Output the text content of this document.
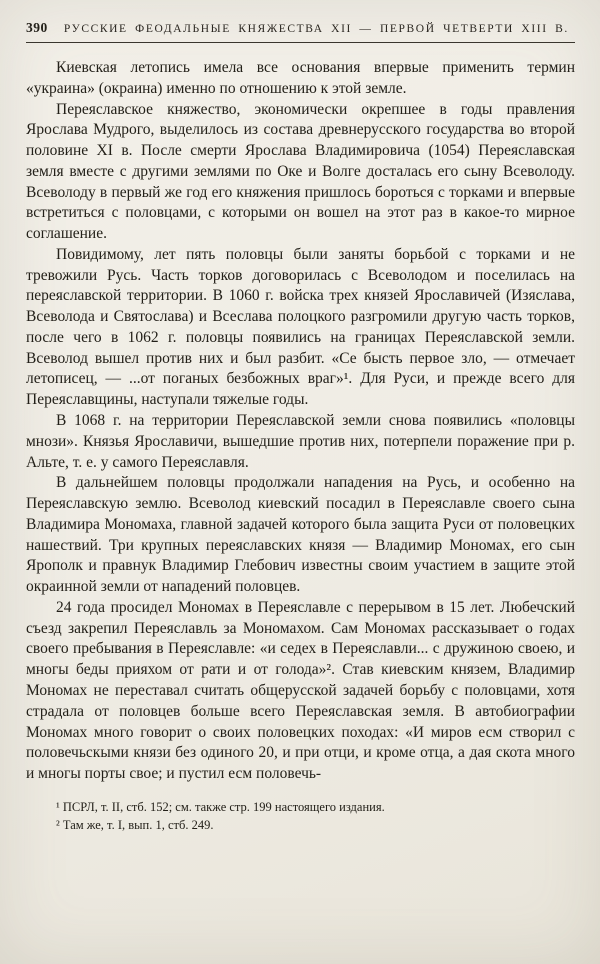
390	РУССКИЕ ФЕОДАЛЬНЫЕ КНЯЖЕСТВА XII — ПЕРВОЙ ЧЕТВЕРТИ XIII В.

Киевская летопись имела все основания впервые применить термин «украина» (окраина) именно по отношению к этой земле.

Переяславское княжество, экономически окрепшее в годы правления Ярослава Мудрого, выделилось из состава древнерусского государства во второй половине XI в. После смерти Ярослава Владимировича (1054) Переяславская земля вместе с другими землями по Оке и Волге досталась его сыну Всеволоду. Всеволоду в первый же год его княжения пришлось бороться с торками и впервые встретиться с половцами, с которыми он вошел на этот раз в какое-то мирное соглашение.

Повидимому, лет пять половцы были заняты борьбой с торками и не тревожили Русь. Часть торков договорилась с Всеволодом и поселилась на переяславской территории. В 1060 г. войска трех князей Ярославичей (Изяслава, Всеволода и Святослава) и Всеслава полоцкого разгромили другую часть торков, после чего в 1062 г. половцы появились на границах Переяславской земли. Всеволод вышел против них и был разбит. «Се бысть первое зло, — отмечает летописец, — ...от поганых безбожных враг»¹. Для Руси, и прежде всего для Переяславщины, наступали тяжелые годы.

В 1068 г. на территории Переяславской земли снова появились «половцы мнози». Князья Ярославичи, вышедшие против них, потерпели поражение при р. Альте, т. е. у самого Переяславля.

В дальнейшем половцы продолжали нападения на Русь, и особенно на Переяславскую землю. Всеволод киевский посадил в Переяславле своего сына Владимира Мономаха, главной задачей которого была защита Руси от половецких нашествий. Три крупных переяславских князя — Владимир Мономах, его сын Ярополк и правнук Владимир Глебович известны своим участием в защите этой окраинной земли от нападений половцев.

24 года просидел Мономах в Переяславле с перерывом в 15 лет. Любечский съезд закрепил Переяславль за Мономахом. Сам Мономах рассказывает о годах своего пребывания в Переяславле: «и седех в Переяславли... с дружиною своею, и многы беды прияхом от рати и от голода»². Став киевским князем, Владимир Мономах не переставал считать общерусской задачей борьбу с половцами, хотя страдала от половцев больше всего Переяславская земля. В автобиографии Мономах много говорит о своих половецких походах: «И миров есм створил с половечьскыми князи без одиного 20, и при отци, и кроме отца, а дая скота много и многы порты свое; и пустил есм половечь-

¹ ПСРЛ, т. II, стб. 152; см. также стр. 199 настоящего издания.

² Там же, т. I, вып. 1, стб. 249.
